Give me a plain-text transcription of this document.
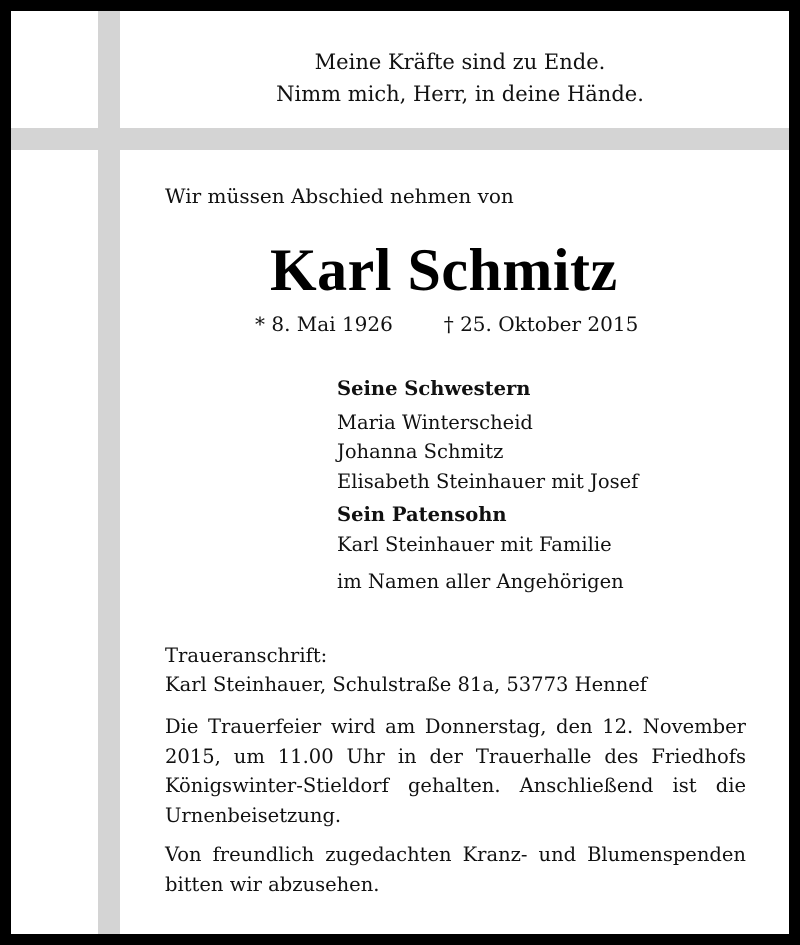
Meine Kräfte sind zu Ende.
Nimm mich, Herr, in deine Hände.
Wir müssen Abschied nehmen von
Karl Schmitz
* 8. Mai 1926	† 25. Oktober 2015
Seine Schwestern
Maria Winterscheid
Johanna Schmitz
Elisabeth Steinhauer mit Josef
Sein Patensohn
Karl Steinhauer mit Familie
im Namen aller Angehörigen
Traueranschrift:
Karl Steinhauer, Schulstraße 81a, 53773 Hennef
Die Trauerfeier wird am Donnerstag, den 12. November 2015, um 11.00 Uhr in der Trauerhalle des Friedhofs Königswinter-Stieldorf gehalten. Anschließend ist die Urnenbeisetzung.
Von freundlich zugedachten Kranz- und Blumenspenden bitten wir abzusehen.
